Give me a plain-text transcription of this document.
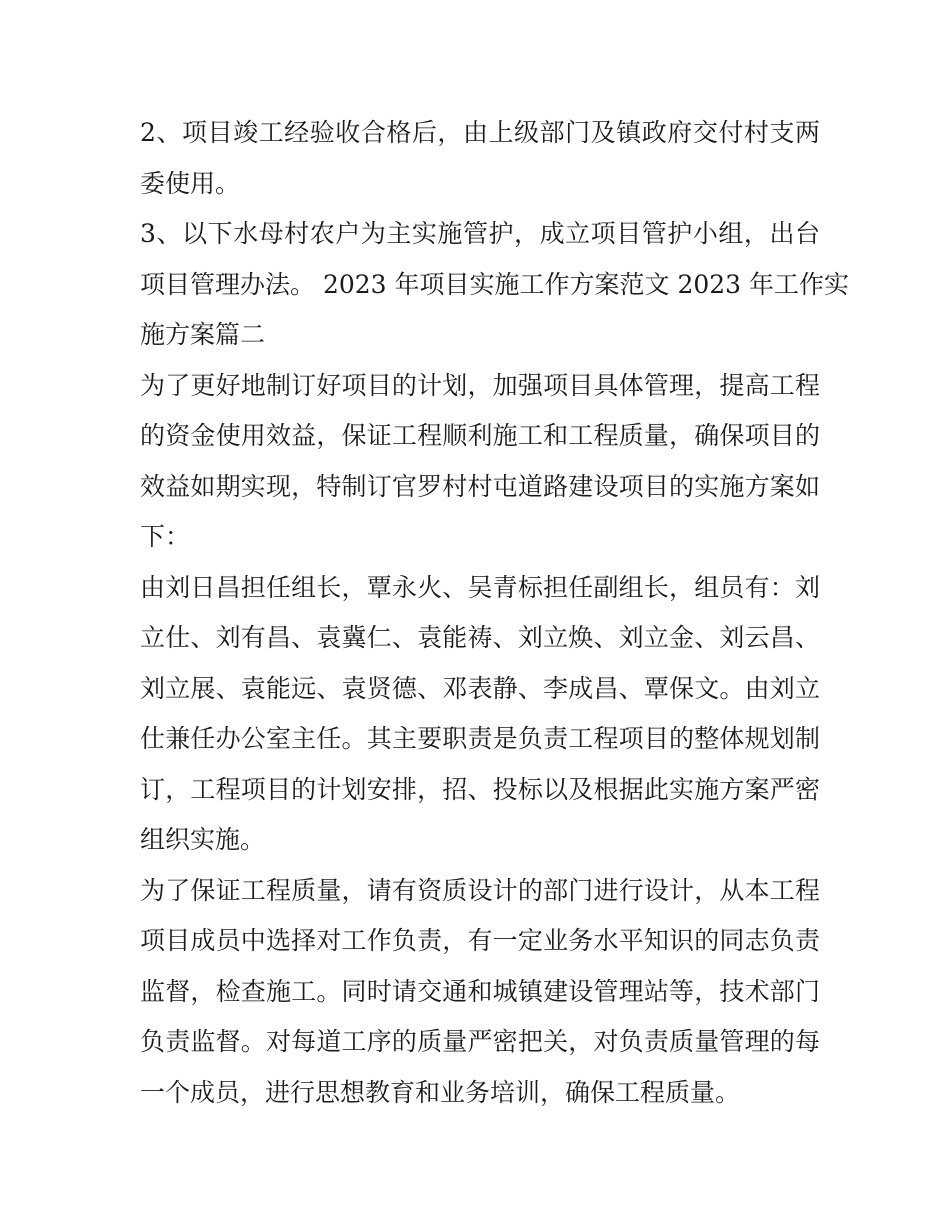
2、项目竣工经验收合格后，由上级部门及镇政府交付村支两
委使用。
3、以下水母村农户为主实施管护，成立项目管护小组，出台
项目管理办法。 2023 年项目实施工作方案范文 2023 年工作实
施方案篇二
为了更好地制订好项目的计划，加强项目具体管理，提高工程
的资金使用效益，保证工程顺利施工和工程质量，确保项目的
效益如期实现，特制订官罗村村屯道路建设项目的实施方案如
下：
由刘日昌担任组长，覃永火、吴青标担任副组长，组员有：刘
立仕、刘有昌、袁冀仁、袁能祷、刘立焕、刘立金、刘云昌、
刘立展、袁能远、袁贤德、邓表静、李成昌、覃保文。由刘立
仕兼任办公室主任。其主要职责是负责工程项目的整体规划制
订，工程项目的计划安排，招、投标以及根据此实施方案严密
组织实施。
为了保证工程质量，请有资质设计的部门进行设计，从本工程
项目成员中选择对工作负责，有一定业务水平知识的同志负责
监督，检查施工。同时请交通和城镇建设管理站等，技术部门
负责监督。对每道工序的质量严密把关，对负责质量管理的每
一个成员，进行思想教育和业务培训，确保工程质量。
